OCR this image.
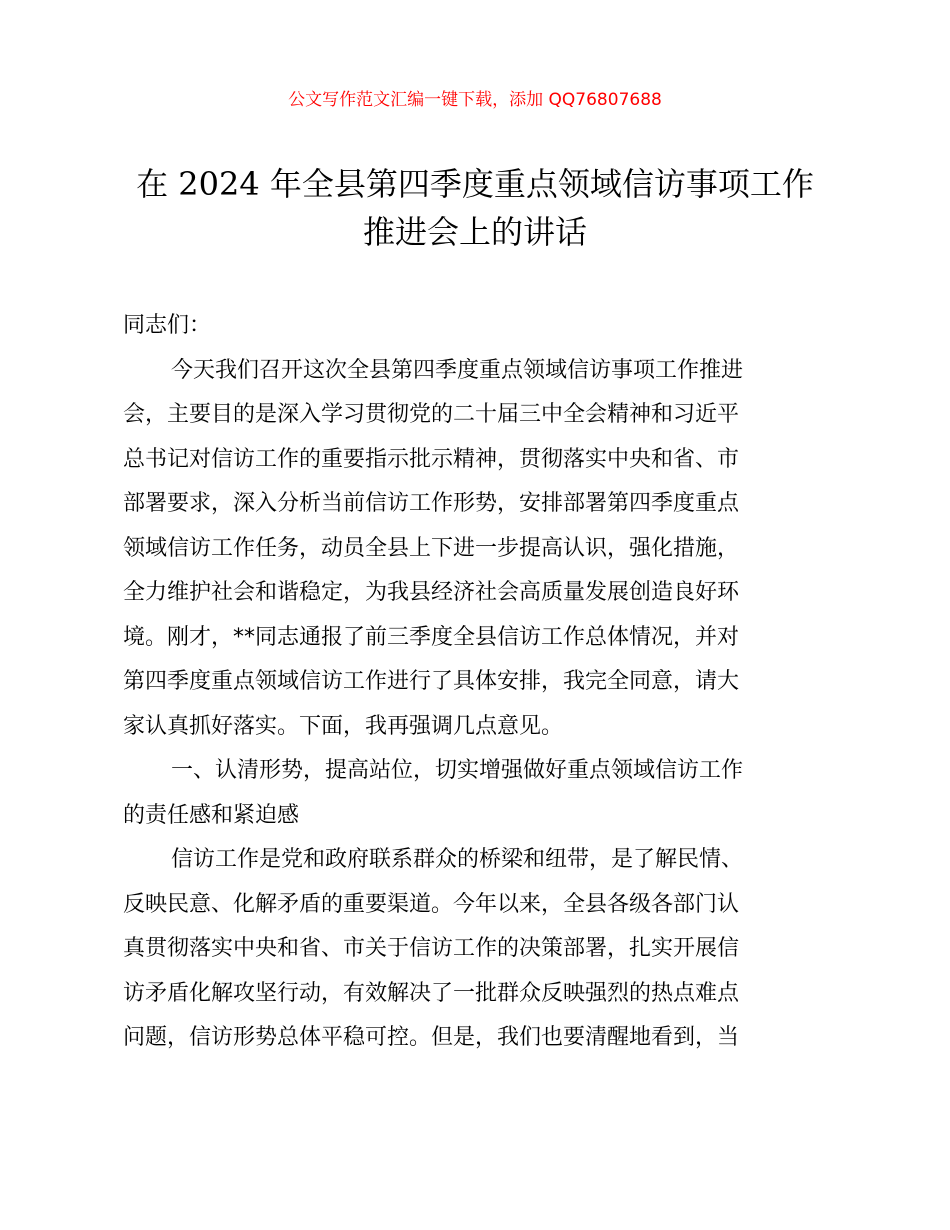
公文写作范文汇编一键下载，添加 QQ76807688
在 2024 年全县第四季度重点领域信访事项工作
推进会上的讲话
同志们：
今天我们召开这次全县第四季度重点领域信访事项工作推进
会，主要目的是深入学习贯彻党的二十届三中全会精神和习近平
总书记对信访工作的重要指示批示精神，贯彻落实中央和省、市
部署要求，深入分析当前信访工作形势，安排部署第四季度重点
领域信访工作任务，动员全县上下进一步提高认识，强化措施，
全力维护社会和谐稳定，为我县经济社会高质量发展创造良好环
境。刚才，**同志通报了前三季度全县信访工作总体情况，并对
第四季度重点领域信访工作进行了具体安排，我完全同意，请大
家认真抓好落实。下面，我再强调几点意见。
一、认清形势，提高站位，切实增强做好重点领域信访工作
的责任感和紧迫感
信访工作是党和政府联系群众的桥梁和纽带，是了解民情、
反映民意、化解矛盾的重要渠道。今年以来，全县各级各部门认
真贯彻落实中央和省、市关于信访工作的决策部署，扎实开展信
访矛盾化解攻坚行动，有效解决了一批群众反映强烈的热点难点
问题，信访形势总体平稳可控。但是，我们也要清醒地看到，当
